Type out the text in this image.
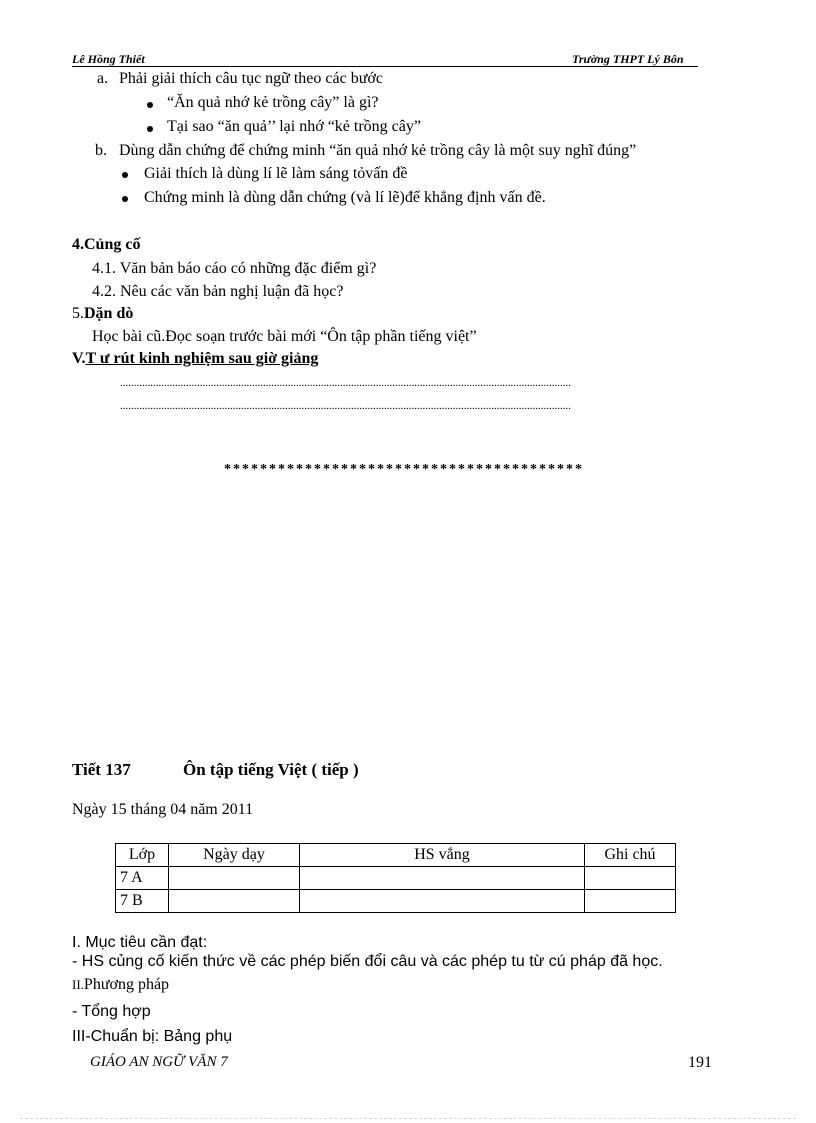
Lê Hồng Thiết	Trường THPT Lý Bôn
a. Phải giải thích câu tục ngữ theo các bước
“Ăn quả nhớ kẻ trồng cây” là gì?
Tại sao “ăn quả’’ lại nhớ “kẻ trồng cây”
b. Dùng dẫn chứng để chứng minh “ăn quả nhớ kẻ trồng cây là một suy nghĩ đúng”
Giải thích là dùng lí lẽ làm sáng tỏvấn đề
Chứng minh là dùng dẫn chứng (và lí lẽ)để khẳng định vấn đề.
4.Củng cố
4.1. Văn bản báo cáo có những đặc điểm gì?
4.2. Nêu các văn bản nghị luận đã học?
5.Dặn dò
Học bài cũ.Đọc soạn trước bài mới “Ôn tập phần tiếng việt”
V.T ư rút kinh nghiệm sau giờ giảng
....................................................................................................................................................................
....................................................................................................................................................................
****************************************
Tiết 137	Ôn tập tiếng Việt ( tiếp )
Ngày 15 tháng 04 năm 2011
Lớp	Ngày dạy	HS vắng	Ghi chú
7 A			
7 B			
I. Mục tiêu cần đạt:
- HS củng cố kiến thức về các phép biến đổi câu và các phép tu từ cú pháp đã học.
II.Phương pháp
- Tổng hợp
III-Chuẩn bị: Bảng phụ
GIÁO AN NGỮ VĂN 7	191
